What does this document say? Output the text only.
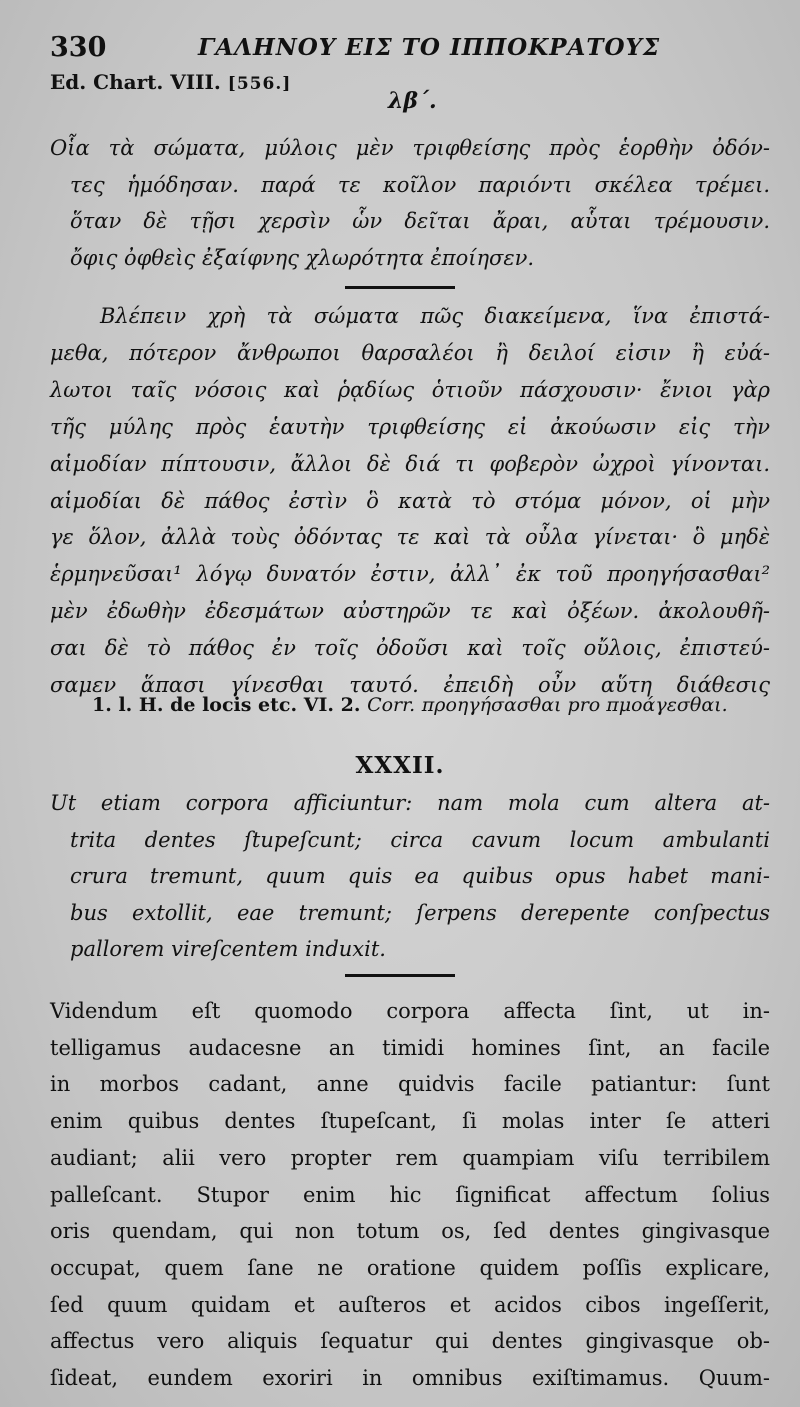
330	ΓΑΛΗΝΟΥ ΕΙΣ ΤΟ ΙΠΠΟΚΡΑΤΟΥΣ
Ed. Chart. VIII. [556.]
λβ΄.
Οἷα τὰ σώματα, μύλοις μὲν τριφθείσης πρὸς ἑορθὴν ὀδόν-
τες ἡμόδησαν. παρά τε κοῖλον παριόντι σκέλεα τρέμει.
ὅταν δὲ τῇσι χερσὶν ὧν δεῖται ἄραι, αὗται τρέμουσιν.
ὄφις ὀφθεὶς ἐξαίφνης χλωρότητα ἐποίησεν.
Βλέπειν χρὴ τὰ σώματα πῶς διακείμενα, ἵνα ἐπιστά-
μεθα, πότερον ἄνθρωποι θαρσαλέοι ἢ δειλοί εἰσιν ἢ εὐά-
λωτοι ταῖς νόσοις καὶ ῥᾳδίως ὁτιοῦν πάσχουσιν· ἔνιοι γὰρ
τῆς μύλης πρὸς ἑαυτὴν τριφθείσης εἰ ἀκούωσιν εἰς τὴν
αἱμοδίαν πίπτουσιν, ἄλλοι δὲ διά τι φοβερὸν ὠχροὶ γίνονται.
αἱμοδίαι δὲ πάθος ἐστὶν ὃ κατὰ τὸ στόμα μόνον, οἱ μὴν
γε ὅλον, ἀλλὰ τοὺς ὀδόντας τε καὶ τὰ οὖλα γίνεται· ὃ μηδὲ
ἑρμηνεῦσαι¹ λόγῳ δυνατόν ἐστιν, ἀλλ᾽ ἐκ τοῦ προηγήσασθαι²
μὲν ἐδωθὴν ἐδεσμάτων αὐστηρῶν τε καὶ ὀξέων. ἀκολουθῆ-
σαι δὲ τὸ πάθος ἐν τοῖς ὀδοῦσι καὶ τοῖς οὔλοις, ἐπιστεύ-
σαμεν ἅπασι γίνεσθαι ταυτό. ἐπειδὴ οὖν αὕτη διάθεσις
1. l. H. de locis etc. VI. 2. Corr. προηγήσασθαι pro πμοάγεσθαι.
XXXII.
Ut etiam corpora afficiuntur: nam mola cum altera at-
trita dentes ſtupeſcunt; circa cavum locum ambulanti
crura tremunt, quum quis ea quibus opus habet mani-
bus extollit, eae tremunt; ſerpens derepente conſpectus
pallorem vireſcentem induxit.
Videndum eſt quomodo corpora affecta ſint, ut in-
telligamus audacesne an timidi homines ſint, an facile
in morbos cadant, anne quidvis facile patiantur: ſunt
enim quibus dentes ſtupeſcant, ſi molas inter ſe atteri
audiant; alii vero propter rem quampiam viſu terribilem
palleſcant. Stupor enim hic ſignificat affectum ſolius
oris quendam, qui non totum os, ſed dentes gingivasque
occupat, quem ſane ne oratione quidem poſſis explicare,
ſed quum quidam et auſteros et acidos cibos ingeſſerit,
affectus vero aliquis ſequatur qui dentes gingivasque ob-
ſideat, eundem exoriri in omnibus exiſtimamus. Quum-
